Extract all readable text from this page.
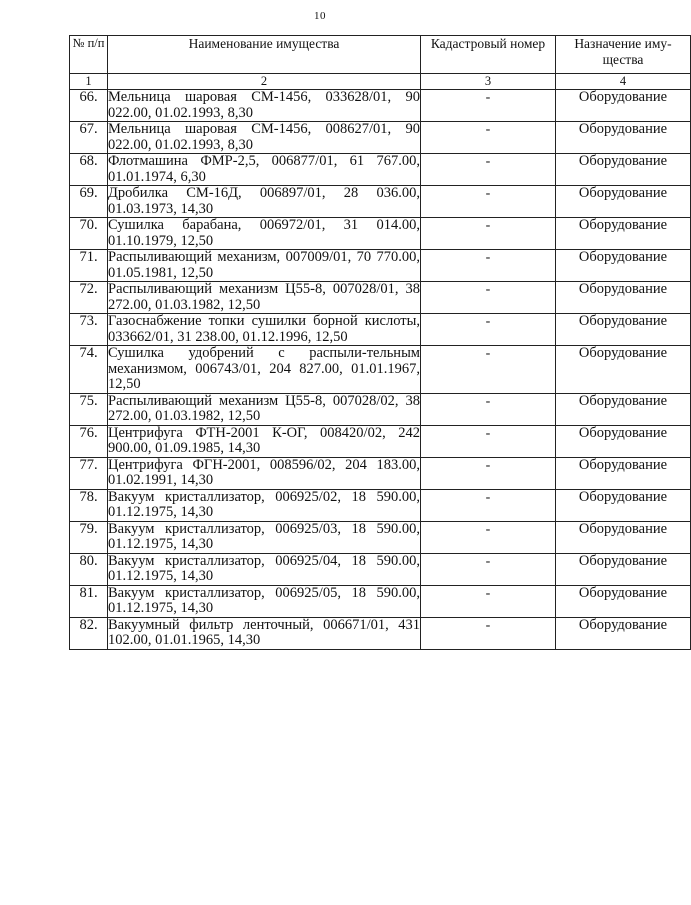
10
№ п/п	Наименование имущества	Кадастровый номер	Назначение иму-щества
1	2	3	4
66.	Мельница шаровая СМ-1456, 033628/01, 90 022.00, 01.02.1993, 8,30	-	Оборудование
67.	Мельница шаровая СМ-1456, 008627/01, 90 022.00, 01.02.1993, 8,30	-	Оборудование
68.	Флотмашина ФМР-2,5, 006877/01, 61 767.00, 01.01.1974, 6,30	-	Оборудование
69.	Дробилка СМ-16Д, 006897/01, 28 036.00, 01.03.1973, 14,30	-	Оборудование
70.	Сушилка барабана, 006972/01, 31 014.00, 01.10.1979, 12,50	-	Оборудование
71.	Распыливающий механизм, 007009/01, 70 770.00, 01.05.1981, 12,50	-	Оборудование
72.	Распыливающий механизм Ц55-8, 007028/01, 38 272.00, 01.03.1982, 12,50	-	Оборудование
73.	Газоснабжение топки сушилки борной кислоты, 033662/01, 31 238.00, 01.12.1996, 12,50	-	Оборудование
74.	Сушилка удобрений с распыли-тельным механизмом, 006743/01, 204 827.00, 01.01.1967, 12,50	-	Оборудование
75.	Распыливающий механизм Ц55-8, 007028/02, 38 272.00, 01.03.1982, 12,50	-	Оборудование
76.	Центрифуга ФТН-2001 К-ОГ, 008420/02, 242 900.00, 01.09.1985, 14,30	-	Оборудование
77.	Центрифуга ФГН-2001, 008596/02, 204 183.00, 01.02.1991, 14,30	-	Оборудование
78.	Вакуум кристаллизатор, 006925/02, 18 590.00, 01.12.1975, 14,30	-	Оборудование
79.	Вакуум кристаллизатор, 006925/03, 18 590.00, 01.12.1975, 14,30	-	Оборудование
80.	Вакуум кристаллизатор, 006925/04, 18 590.00, 01.12.1975, 14,30	-	Оборудование
81.	Вакуум кристаллизатор, 006925/05, 18 590.00, 01.12.1975, 14,30	-	Оборудование
82.	Вакуумный фильтр ленточный, 006671/01, 431 102.00, 01.01.1965, 14,30	-	Оборудование
